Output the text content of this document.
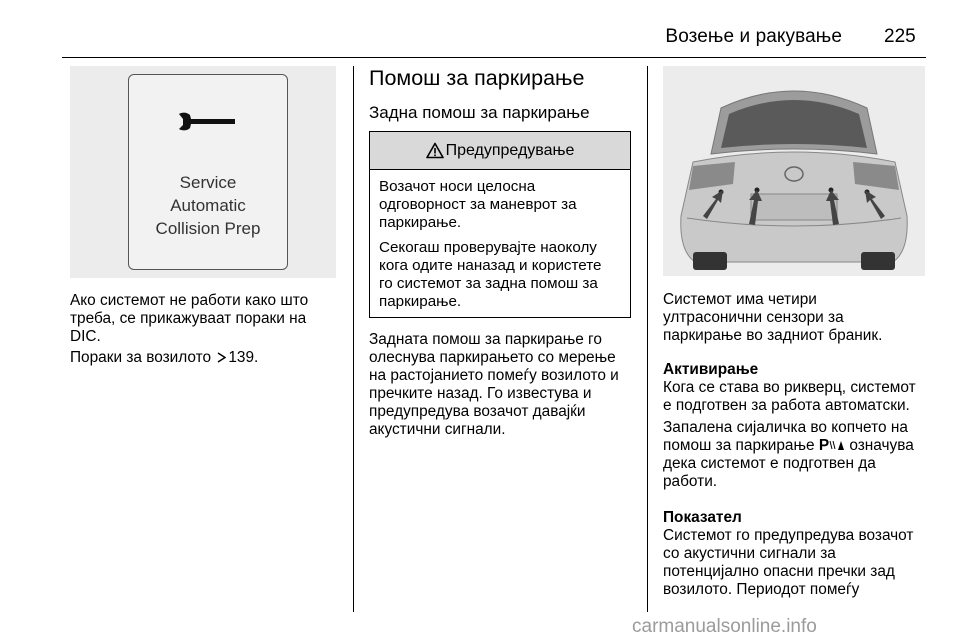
Возење и ракување 225
Service
Automatic
Collision Prep

Ако системот не работи како што
треба, се прикажуваат пораки на
DIC.

Пораки за возилото 139.

Помош за паркирање
Задна помош за паркирање
Предупредување

Возачот носи целосна
одговорност за маневрот за
паркирање.

Секогаш проверувајте наоколу
кога одите наназад и користете
го системот за задна помош за
паркирање.

Задната помош за паркирање го
олеснува паркирањето со мерење
на растојанието помеѓу возилото и
пречките назад. Го известува и
предупредува возачот давајќи
акустични сигнали.

Системот има четири
ултрасонични сензори за
паркирање во задниот браник.

Активирање

Кога се става во рикверц, системот
е подготвен за работа автоматски.

Запалена сијаличка во копчето на
помош за паркирање P означува
дека системот е подготвен да
работи.

Показател

Системот го предупредува возачот
со акустични сигнали за
потенцијално опасни пречки зад
возилото. Периодот помеѓу

carmanualsonline.info
